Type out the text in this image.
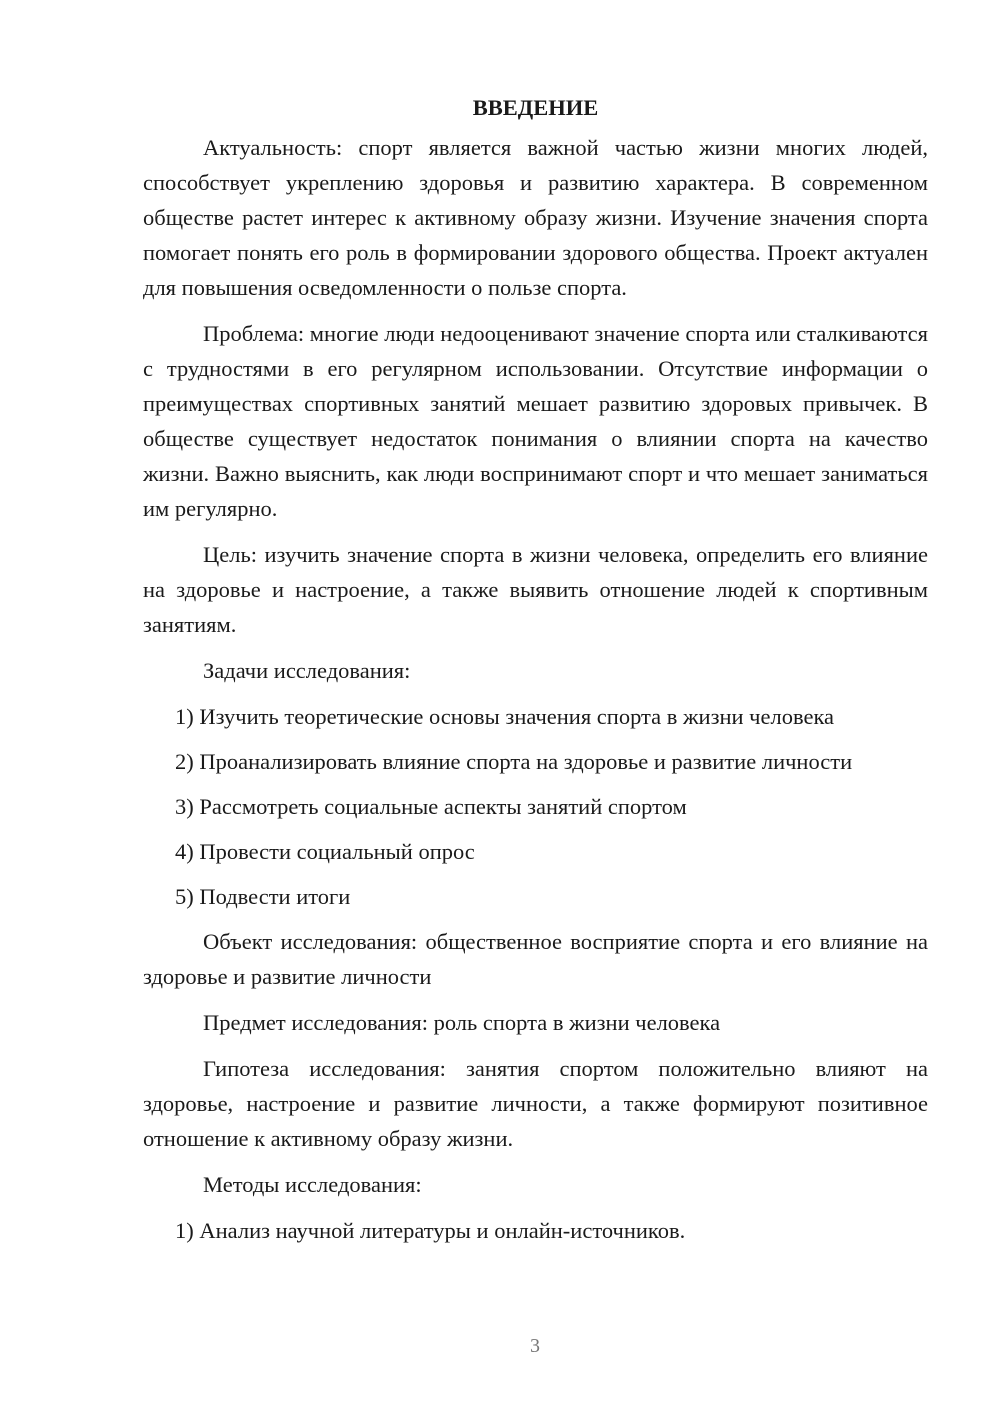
ВВЕДЕНИЕ

Актуальность: спорт является важной частью жизни многих людей, способствует укреплению здоровья и развитию характера. В современном обществе растет интерес к активному образу жизни. Изучение значения спорта помогает понять его роль в формировании здорового общества. Проект актуален для повышения осведомленности о пользе спорта.

Проблема: многие люди недооценивают значение спорта или сталкиваются с трудностями в его регулярном использовании. Отсутствие информации о преимуществах спортивных занятий мешает развитию здоровых привычек. В обществе существует недостаток понимания о влиянии спорта на качество жизни. Важно выяснить, как люди воспринимают спорт и что мешает заниматься им регулярно.

Цель: изучить значение спорта в жизни человека, определить его влияние на здоровье и настроение, а также выявить отношение людей к спортивным занятиям.

Задачи исследования:

1) Изучить теоретические основы значения спорта в жизни человека
2) Проанализировать влияние спорта на здоровье и развитие личности
3) Рассмотреть социальные аспекты занятий спортом
4) Провести социальный опрос
5) Подвести итоги

Объект исследования: общественное восприятие спорта и его влияние на здоровье и развитие личности

Предмет исследования: роль спорта в жизни человека

Гипотеза исследования: занятия спортом положительно влияют на здоровье, настроение и развитие личности, а также формируют позитивное отношение к активному образу жизни.

Методы исследования:

1) Анализ научной литературы и онлайн-источников.
3
